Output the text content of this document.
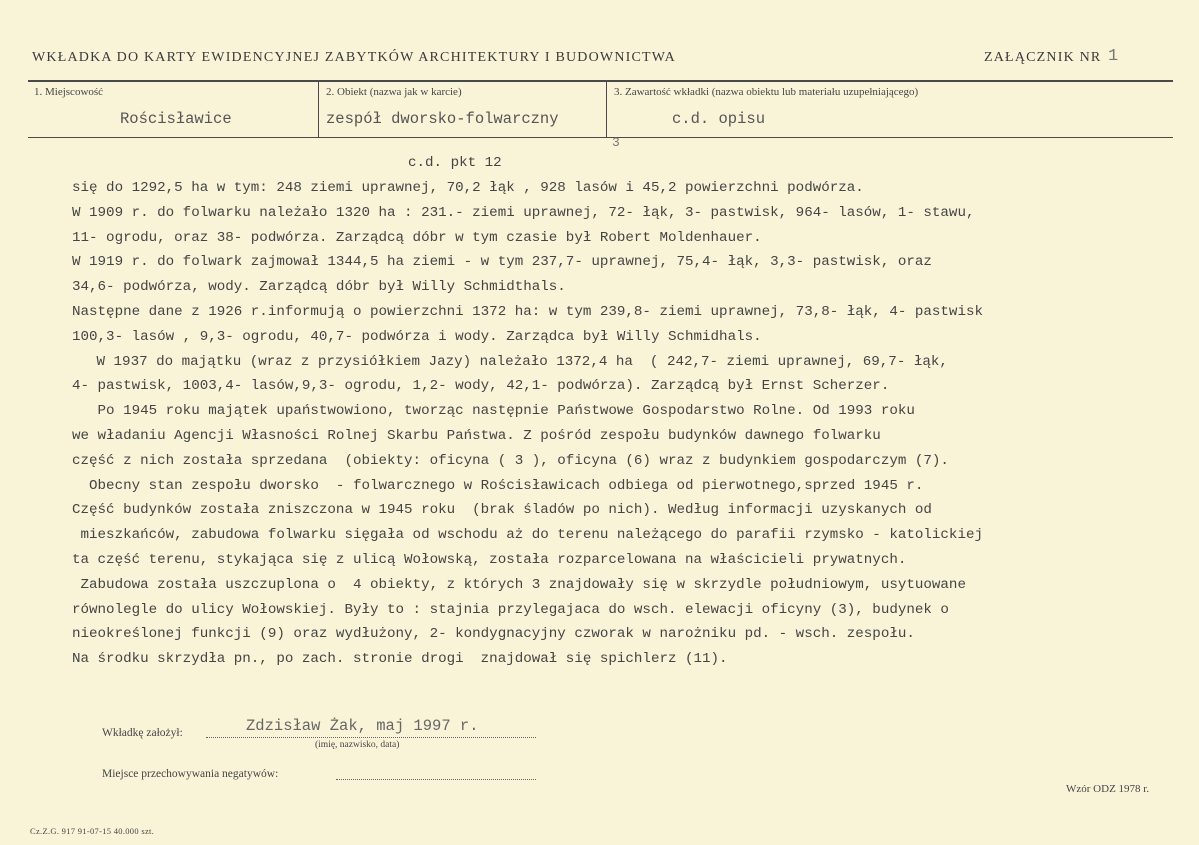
WKŁADKA DO KARTY EWIDENCYJNEJ ZABYTKÓW ARCHITEKTURY I BUDOWNICTWA	ZAŁĄCZNIK NR 1
1. Miejscowość
Rościsławice
2. Obiekt (nazwa jak w karcie)
zespół dworsko-folwarczny
3. Zawartość wkładki (nazwa obiektu lub materiału uzupełniającego)
c.d. opisu
3
c.d. pkt 12
się do 1292,5 ha w tym: 248 ziemi uprawnej, 70,2 łąk , 928 lasów i 45,2 powierzchni podwórza.
W 1909 r. do folwarku należało 1320 ha : 231.- ziemi uprawnej, 72- łąk, 3- pastwisk, 964- lasów, 1- stawu,
11- ogrodu, oraz 38- podwórza. Zarządcą dóbr w tym czasie był Robert Moldenhauer.
W 1919 r. do folwark zajmował 1344,5 ha ziemi - w tym 237,7- uprawnej, 75,4- łąk, 3,3- pastwisk, oraz
34,6- podwórza, wody. Zarządcą dóbr był Willy Schmidthals.
Następne dane z 1926 r.informują o powierzchni 1372 ha: w tym 239,8- ziemi uprawnej, 73,8- łąk, 4- pastwisk
100,3- lasów , 9,3- ogrodu, 40,7- podwórza i wody. Zarządca był Willy Schmidhals.
W 1937 do majątku (wraz z przysiółkiem Jazy) należało 1372,4 ha  ( 242,7- ziemi uprawnej, 69,7- łąk,
4- pastwisk, 1003,4- lasów,9,3- ogrodu, 1,2- wody, 42,1- podwórza). Zarządcą był Ernst Scherzer.
Po 1945 roku majątek upaństwowiono, tworząc następnie Państwowe Gospodarstwo Rolne. Od 1993 roku
we władaniu Agencji Własności Rolnej Skarbu Państwa. Z pośród zespołu budynków dawnego folwarku
część z nich została sprzedana  (obiekty: oficyna ( 3 ), oficyna (6) wraz z budynkiem gospodarczym (7).
Obecny stan zespołu dworsko  - folwarcznego w Rościsławicach odbiega od pierwotnego,sprzed 1945 r.
Część budynków została zniszczona w 1945 roku  (brak śladów po nich). Według informacji uzyskanych od
mieszkańców, zabudowa folwarku sięgała od wschodu aż do terenu należącego do parafii rzymsko - katolickiej
ta część terenu, stykająca się z ulicą Wołowską, została rozparcelowana na właścicieli prywatnych.
Zabudowa została uszczuplona o  4 obiekty, z których 3 znajdowały się w skrzydle południowym, usytuowane
równolegle do ulicy Wołowskiej. Były to : stajnia przylegajaca do wsch. elewacji oficyny (3), budynek o
nieokreślonej funkcji (9) oraz wydłużony, 2- kondygnacyjny czworak w narożniku pd. - wsch. zespołu.
Na środku skrzydła pn., po zach. stronie drogi  znajdował się spichlerz (11).
Wkładkę założył:	Zdzisław Żak, maj 1997 r.
(imię, nazwisko, data)
Miejsce przechowywania negatywów:
Cz.Z.G. 917 91-07-15 40.000 szt.
Wzór ODZ 1978 r.
